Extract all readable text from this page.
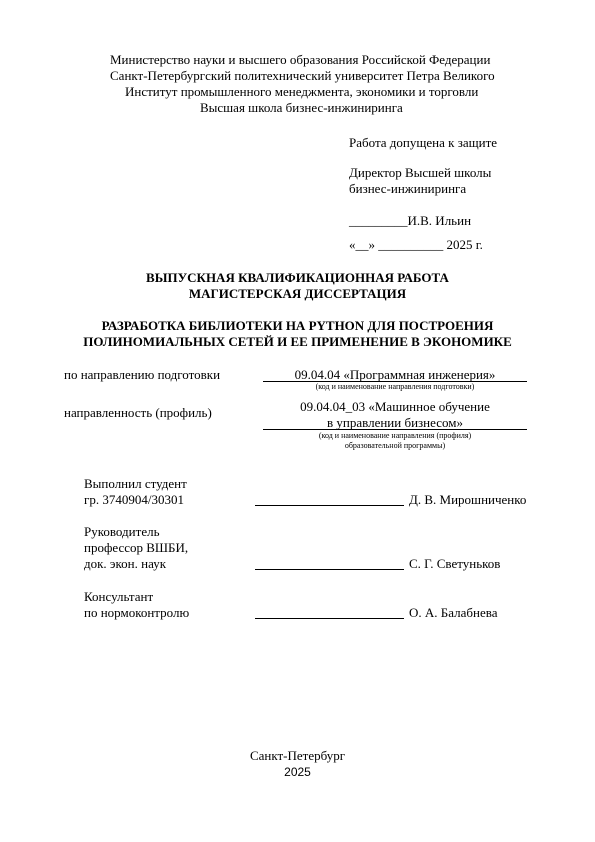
Министерство науки и высшего образования Российской Федерации
Санкт-Петербургский политехнический университет Петра Великого
Институт промышленного менеджмента, экономики и торговли
Высшая школа бизнес-инжиниринга
Работа допущена к защите
Директор Высшей школы
бизнес-инжиниринга
_________И.В. Ильин
«__» __________ 2025 г.
ВЫПУСКНАЯ КВАЛИФИКАЦИОННАЯ РАБОТА
МАГИСТЕРСКАЯ ДИССЕРТАЦИЯ
РАЗРАБОТКА БИБЛИОТЕКИ НА PYTHON ДЛЯ ПОСТРОЕНИЯ
ПОЛИНОМИАЛЬНЫХ СЕТЕЙ И ЕЕ ПРИМЕНЕНИЕ В ЭКОНОМИКЕ
по направлению подготовки	09.04.04 «Программная инженерия»
(код и наименование направления подготовки)
направленность (профиль)	09.04.04_03 «Машинное обучение
в управлении бизнесом»
(код и наименование направления (профиля)
образовательной программы)
Выполнил студент
гр. 3740904/30301	Д. В. Мирошниченко
Руководитель
профессор ВШБИ,
док. экон. наук	С. Г. Светуньков
Консультант
по нормоконтролю	О. А. Балабнева
Санкт-Петербург
2025
